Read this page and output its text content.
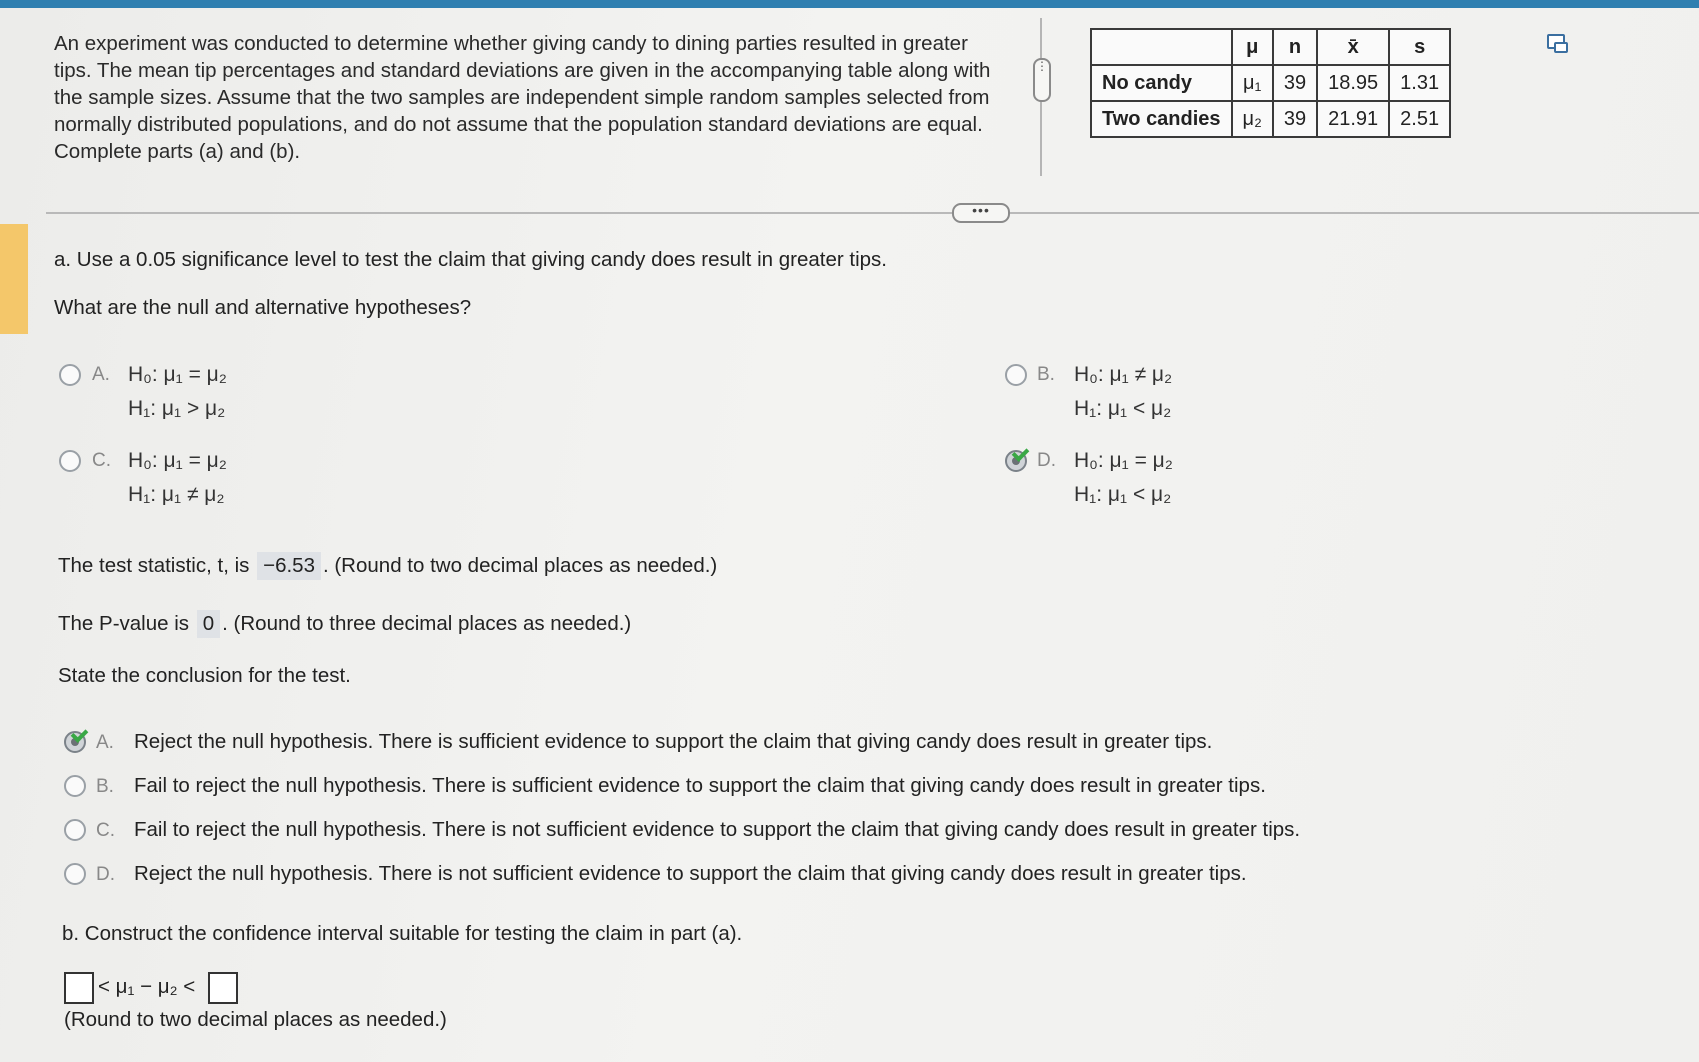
An experiment was conducted to determine whether giving candy to dining parties resulted in greater tips. The mean tip percentages and standard deviations are given in the accompanying table along with the sample sizes. Assume that the two samples are independent simple random samples selected from normally distributed populations, and do not assume that the population standard deviations are equal. Complete parts (a) and (b).
⋮
	μ	n	x̄	s
No candy	μ₁	39	18.95	1.31
Two candies	μ₂	39	21.91	2.51
•••
a. Use a 0.05 significance level to test the claim that giving candy does result in greater tips.
What are the null and alternative hypotheses?
A. H₀: μ₁ = μ₂
H₁: μ₁ > μ₂
B. H₀: μ₁ ≠ μ₂
H₁: μ₁ < μ₂
C. H₀: μ₁ = μ₂
H₁: μ₁ ≠ μ₂
D. H₀: μ₁ = μ₂
H₁: μ₁ < μ₂
The test statistic, t, is −6.53 . (Round to two decimal places as needed.)
The P-value is 0 . (Round to three decimal places as needed.)
State the conclusion for the test.
A. Reject the null hypothesis. There is sufficient evidence to support the claim that giving candy does result in greater tips.
B. Fail to reject the null hypothesis. There is sufficient evidence to support the claim that giving candy does result in greater tips.
C. Fail to reject the null hypothesis. There is not sufficient evidence to support the claim that giving candy does result in greater tips.
D. Reject the null hypothesis. There is not sufficient evidence to support the claim that giving candy does result in greater tips.
b. Construct the confidence interval suitable for testing the claim in part (a).
< μ₁ − μ₂ <
(Round to two decimal places as needed.)
